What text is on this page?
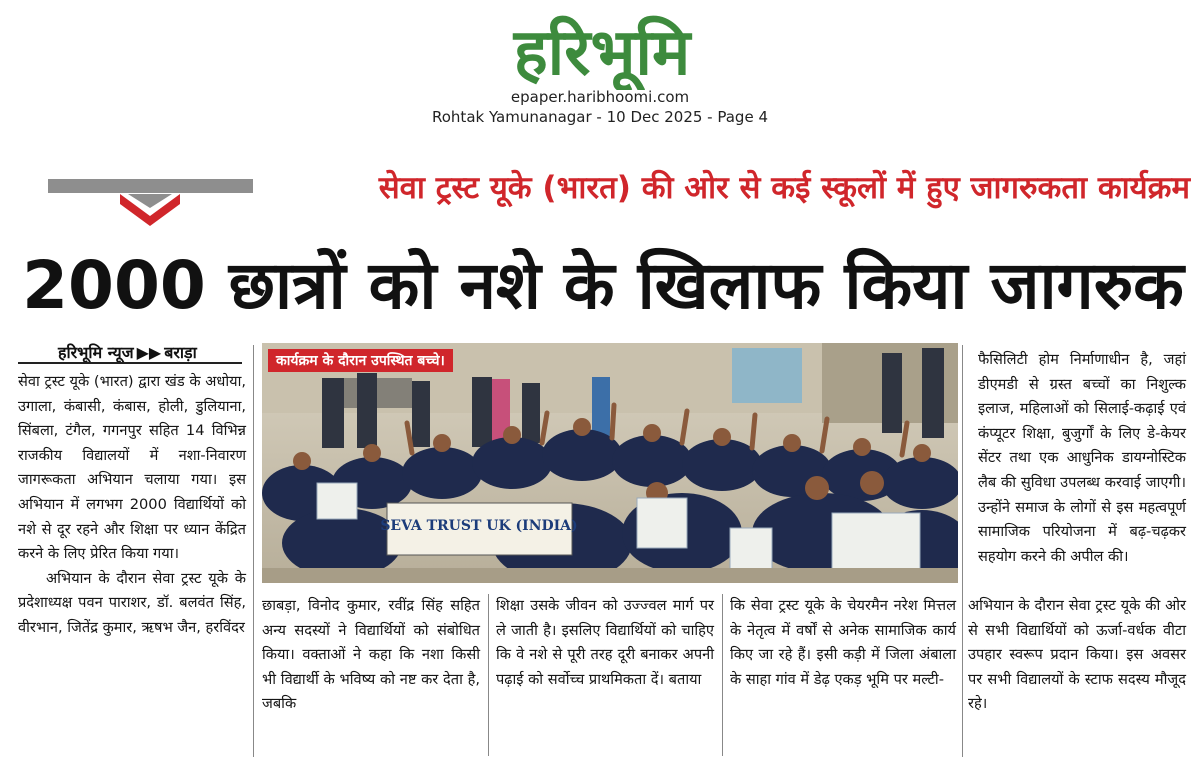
हरिभूमि
epaper.haribhoomi.com
Rohtak Yamunanagar - 10 Dec 2025 - Page 4
सेवा ट्रस्ट यूके (भारत) की ओर से कई स्कूलों में हुए जागरुकता कार्यक्रम
2000 छात्रों को नशे के खिलाफ किया जागरुक
हरिभूमि न्यूज ▶▶ बराड़ा

सेवा ट्रस्ट यूके (भारत) द्वारा खंड के अधोया, उगाला, कंबासी, कंबास, होली, डुलियाना, सिंबला, टंगैल, गगनपुर सहित 14 विभिन्न राजकीय विद्यालयों में नशा-निवारण जागरूकता अभियान चलाया गया। इस अभियान में लगभग 2000 विद्यार्थियों को नशे से दूर रहने और शिक्षा पर ध्यान केंद्रित करने के लिए प्रेरित किया गया।

अभियान के दौरान सेवा ट्रस्ट यूके के प्रदेशाध्यक्ष पवन पाराशर, डॉ. बलवंत सिंह, वीरभान, जितेंद्र कुमार, ऋषभ जैन, हरविंदर

SEVA TRUST UK (INDIA)
कार्यक्रम के दौरान उपस्थित बच्चे।	फैसिलिटी होम निर्माणाधीन है, जहां डीएमडी से ग्रस्त बच्चों का निशुल्क इलाज, महिलाओं को सिलाई-कढ़ाई एवं कंप्यूटर शिक्षा, बुजुर्गों के लिए डे-केयर सेंटर तथा एक आधुनिक डायग्नोस्टिक लैब की सुविधा उपलब्ध करवाई जाएगी। उन्होंने समाज के लोगों से इस महत्वपूर्ण सामाजिक परियोजना में बढ़-चढ़कर सहयोग करने की अपील की।
छाबड़ा, विनोद कुमार, रवींद्र सिंह सहित अन्य सदस्यों ने विद्यार्थियों को संबोधित किया। वक्ताओं ने कहा कि नशा किसी भी विद्यार्थी के भविष्य को नष्ट कर देता है, जबकि
शिक्षा उसके जीवन को उज्ज्वल मार्ग पर ले जाती है। इसलिए विद्यार्थियों को चाहिए कि वे नशे से पूरी तरह दूरी बनाकर अपनी पढ़ाई को सर्वोच्च प्राथमिकता दें। बताया
कि सेवा ट्रस्ट यूके के चेयरमैन नरेश मित्तल के नेतृत्व में वर्षों से अनेक सामाजिक कार्य किए जा रहे हैं। इसी कड़ी में जिला अंबाला के साहा गांव में डेढ़ एकड़ भूमि पर मल्टी-
अभियान के दौरान सेवा ट्रस्ट यूके की ओर से सभी विद्यार्थियों को ऊर्जा-वर्धक वीटा उपहार स्वरूप प्रदान किया। इस अवसर पर सभी विद्यालयों के स्टाफ सदस्य मौजूद रहे।
